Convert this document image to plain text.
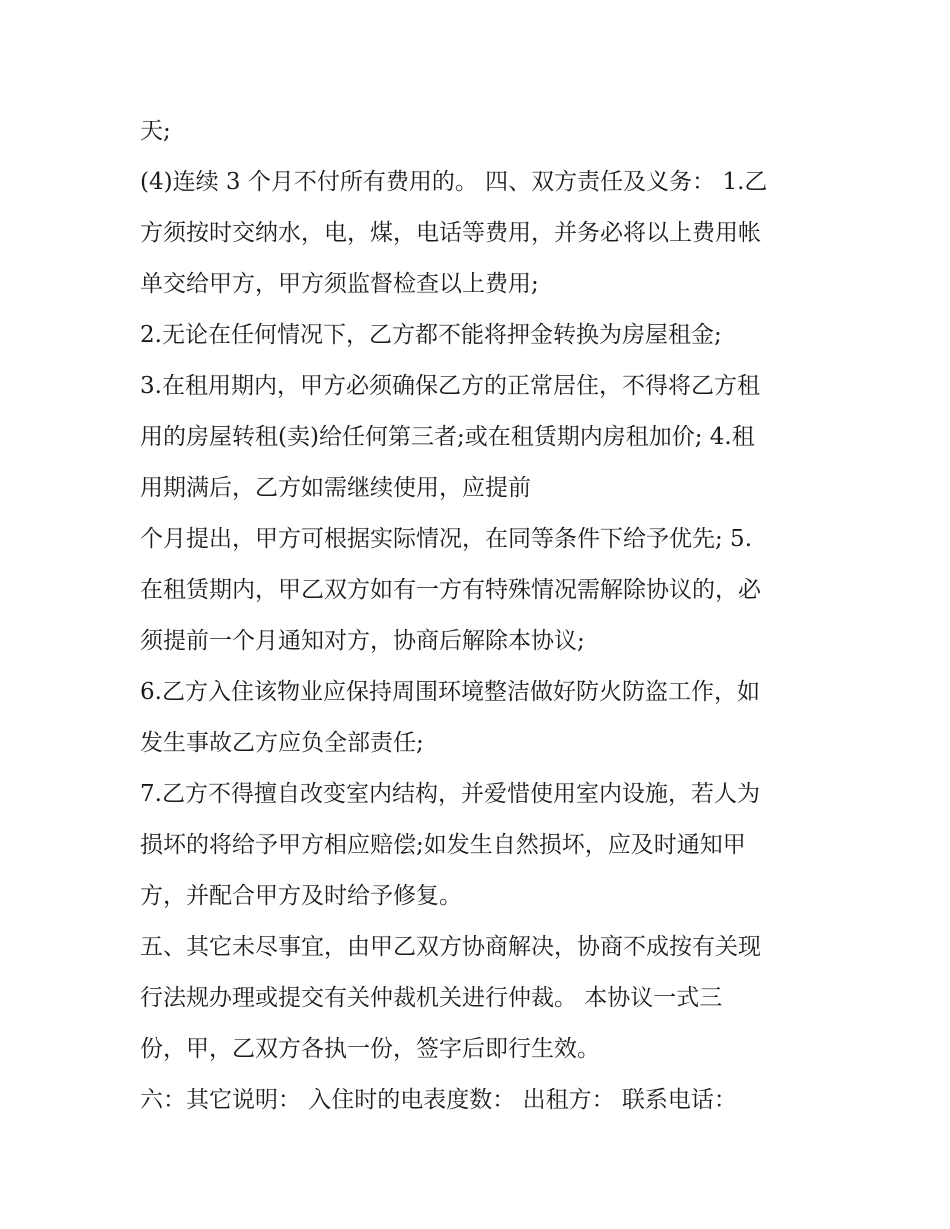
天;
(4)连续 3 个月不付所有费用的。 四、双方责任及义务： 1.乙
方须按时交纳水，电，煤，电话等费用，并务必将以上费用帐
单交给甲方，甲方须监督检查以上费用;
2.无论在任何情况下，乙方都不能将押金转换为房屋租金;
3.在租用期内，甲方必须确保乙方的正常居住，不得将乙方租
用的房屋转租(卖)给任何第三者;或在租赁期内房租加价; 4.租
用期满后，乙方如需继续使用，应提前
个月提出，甲方可根据实际情况，在同等条件下给予优先; 5.
在租赁期内，甲乙双方如有一方有特殊情况需解除协议的，必
须提前一个月通知对方，协商后解除本协议;
6.乙方入住该物业应保持周围环境整洁做好防火防盗工作，如
发生事故乙方应负全部责任;
7.乙方不得擅自改变室内结构，并爱惜使用室内设施，若人为
损坏的将给予甲方相应赔偿;如发生自然损坏，应及时通知甲
方，并配合甲方及时给予修复。
五、其它未尽事宜，由甲乙双方协商解决，协商不成按有关现
行法规办理或提交有关仲裁机关进行仲裁。 本协议一式三
份，甲，乙双方各执一份，签字后即行生效。
六：其它说明： 入住时的电表度数： 出租方： 联系电话：
